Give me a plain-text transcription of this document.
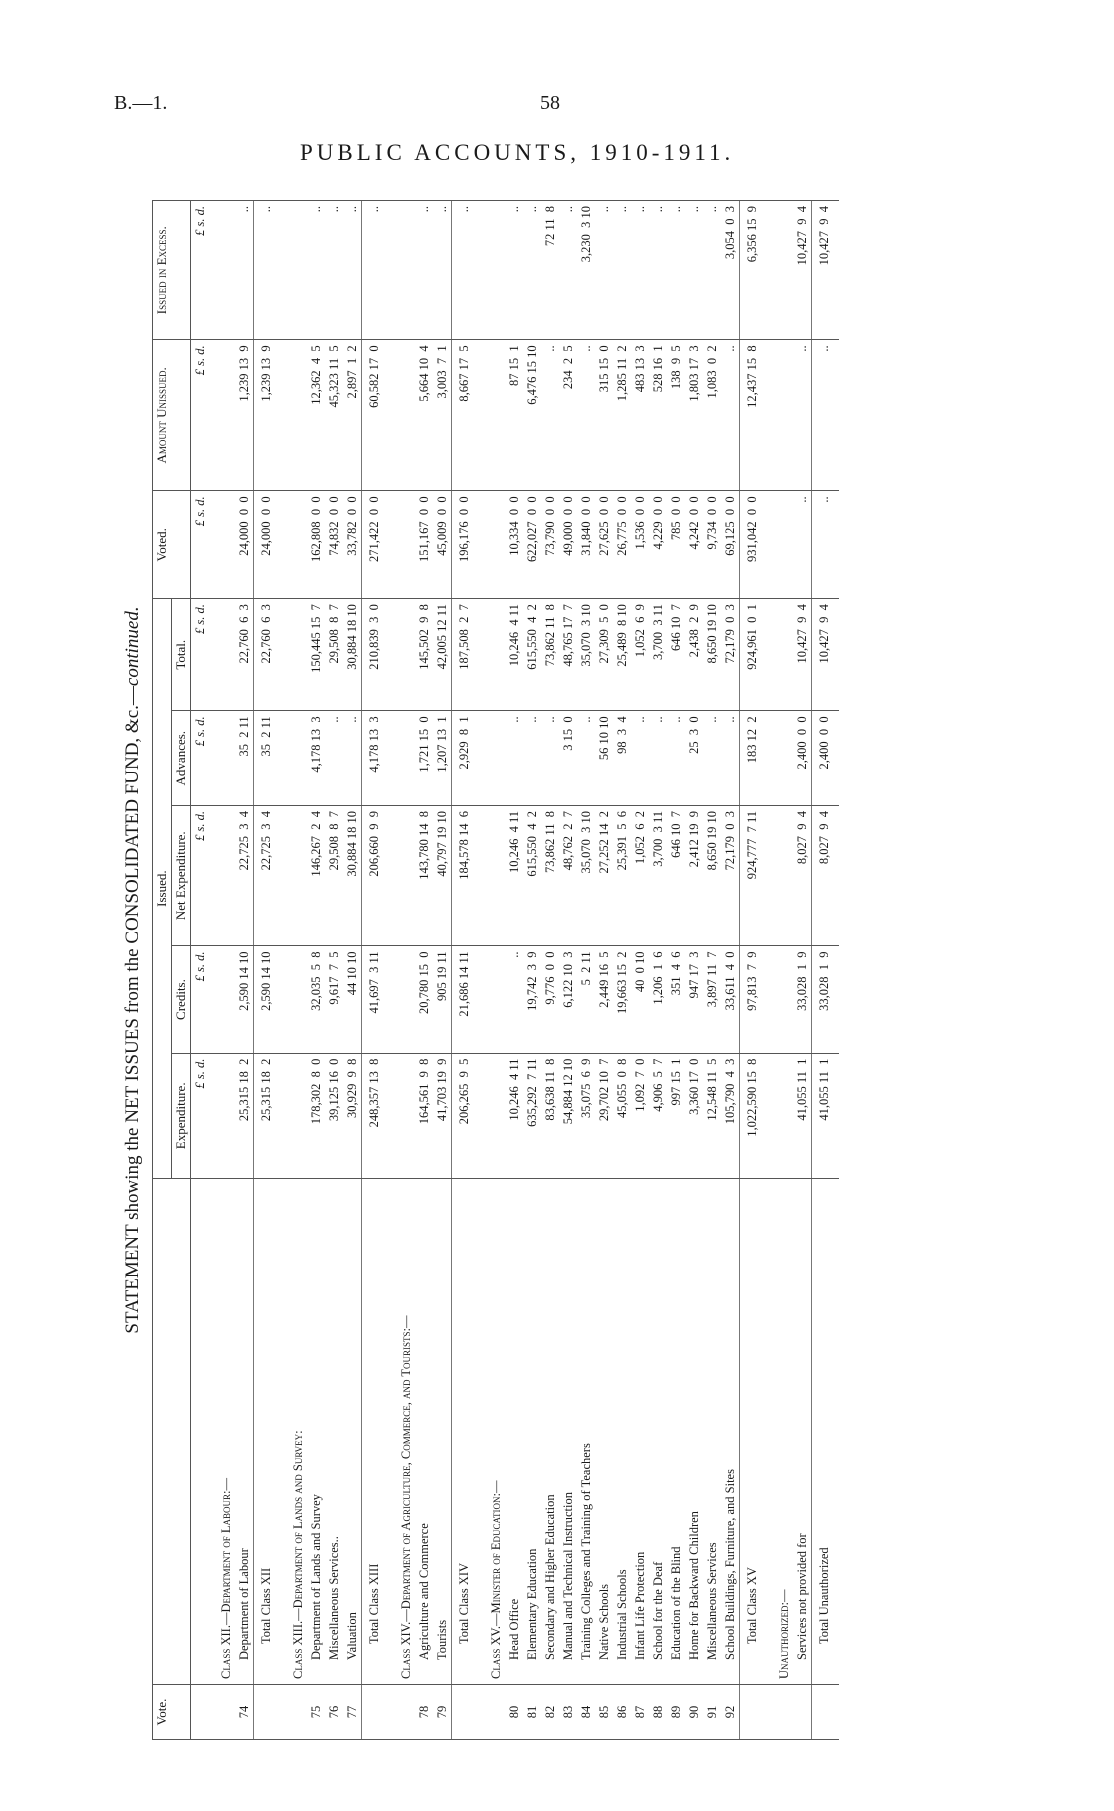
B.—1.	58
PUBLIC ACCOUNTS, 1910-1911.
STATEMENT showing the NET ISSUES from the CONSOLIDATED FUND, &c.—continued.
Vote.		Issued.					Voted.	Amount Unissued.	Issued in Excess.
		Expenditure.	Credits.	Net Expenditure.	Advances.	Total.			
		£ s. d.	£ s. d.	£ s. d.	£ s. d.	£ s. d.	£ s. d.	£ s. d.	£ s. d.
	Class XII.—Department of Labour:—								
74	Department of Labour	25,315 18  2	2,590 14 10	22,725  3  4	35  2 11	22,760  6  3	24,000  0  0	1,239 13  9	..
	Total Class XII	25,315 18  2	2,590 14 10	22,725  3  4	35  2 11	22,760  6  3	24,000  0  0	1,239 13  9	..
	Class XIII.—Department of Lands and Survey:								
75	Department of Lands and Survey	178,302  8  0	32,035  5  8	146,267  2  4	4,178 13  3	150,445 15  7	162,808  0  0	12,362  4  5	..
76	Miscellaneous Services..	39,125 16  0	9,617  7  5	29,508  8  7	..	29,508  8  7	74,832  0  0	45,323 11  5	..
77	Valuation	30,929  9  8	44 10 10	30,884 18 10	..	30,884 18 10	33,782  0  0	2,897  1  2	..
	Total Class XIII	248,357 13  8	41,697  3 11	206,660  9  9	4,178 13  3	210,839  3  0	271,422  0  0	60,582 17  0	..
	Class XIV.—Department of Agriculture, Commerce, and Tourists:—								
78	Agriculture and Commerce	164,561  9  8	20,780 15  0	143,780 14  8	1,721 15  0	145,502  9  8	151,167  0  0	5,664 10  4	..
79	Tourists	41,703 19  9	905 19 11	40,797 19 10	1,207 13  1	42,005 12 11	45,009  0  0	3,003  7  1	..
	Total Class XIV	206,265  9  5	21,686 14 11	184,578 14  6	2,929  8  1	187,508  2  7	196,176  0  0	8,667 17  5	..
	Class XV.—Minister of Education:—								
80	Head Office	10,246  4 11	..	10,246  4 11	..	10,246  4 11	10,334  0  0	87 15  1	..
81	Elementary Education	635,292  7 11	19,742  3  9	615,550  4  2	..	615,550  4  2	622,027  0  0	6,476 15 10	..
82	Secondary and Higher Education	83,638 11  8	9,776  0  0	73,862 11  8	..	73,862 11  8	73,790  0  0	..	72 11  8
83	Manual and Technical Instruction	54,884 12 10	6,122 10  3	48,762  2  7	3 15  0	48,765 17  7	49,000  0  0	234  2  5	..
84	Training Colleges and Training of Teachers	35,075  6  9	5  2 11	35,070  3 10	..	35,070  3 10	31,840  0  0	..	3,230  3 10
85	Native Schools	29,702 10  7	2,449 16  5	27,252 14  2	56 10 10	27,309  5  0	27,625  0  0	315 15  0	..
86	Industrial Schools	45,055  0  8	19,663 15  2	25,391  5  6	98  3  4	25,489  8 10	26,775  0  0	1,285 11  2	..
87	Infant Life Protection	1,092  7  0	40  0 10	1,052  6  2	..	1,052  6  9	1,536  0  0	483 13  3	..
88	School for the Deaf	4,906  5  7	1,206  1  6	3,700  3 11	..	3,700  3 11	4,229  0  0	528 16  1	..
89	Education of the Blind	997 15  1	351  4  6	646 10  7	..	646 10  7	785  0  0	138  9  5	..
90	Home for Backward Children	3,360 17  0	947 17  3	2,412 19  9	25  3  0	2,438  2  9	4,242  0  0	1,803 17  3	..
91	Miscellaneous Services	12,548 11  5	3,897 11  7	8,650 19 10	..	8,650 19 10	9,734  0  0	1,083  0  2	..
92	School Buildings, Furniture, and Sites	105,790  4  3	33,611  4  0	72,179  0  3	..	72,179  0  3	69,125  0  0	..	3,054  0  3
	Total Class XV	1,022,590 15  8	97,813  7  9	924,777  7 11	183 12  2	924,961  0  1	931,042  0  0	12,437 15  8	6,356 15  9
	Unauthorized:—								
	Services not provided for	41,055 11  1	33,028  1  9	8,027  9  4	2,400  0  0	10,427  9  4	..	..	10,427  9  4
	Total Unauthorized	41,055 11  1	33,028  1  9	8,027  9  4	2,400  0  0	10,427  9  4	..	..	10,427  9  4
